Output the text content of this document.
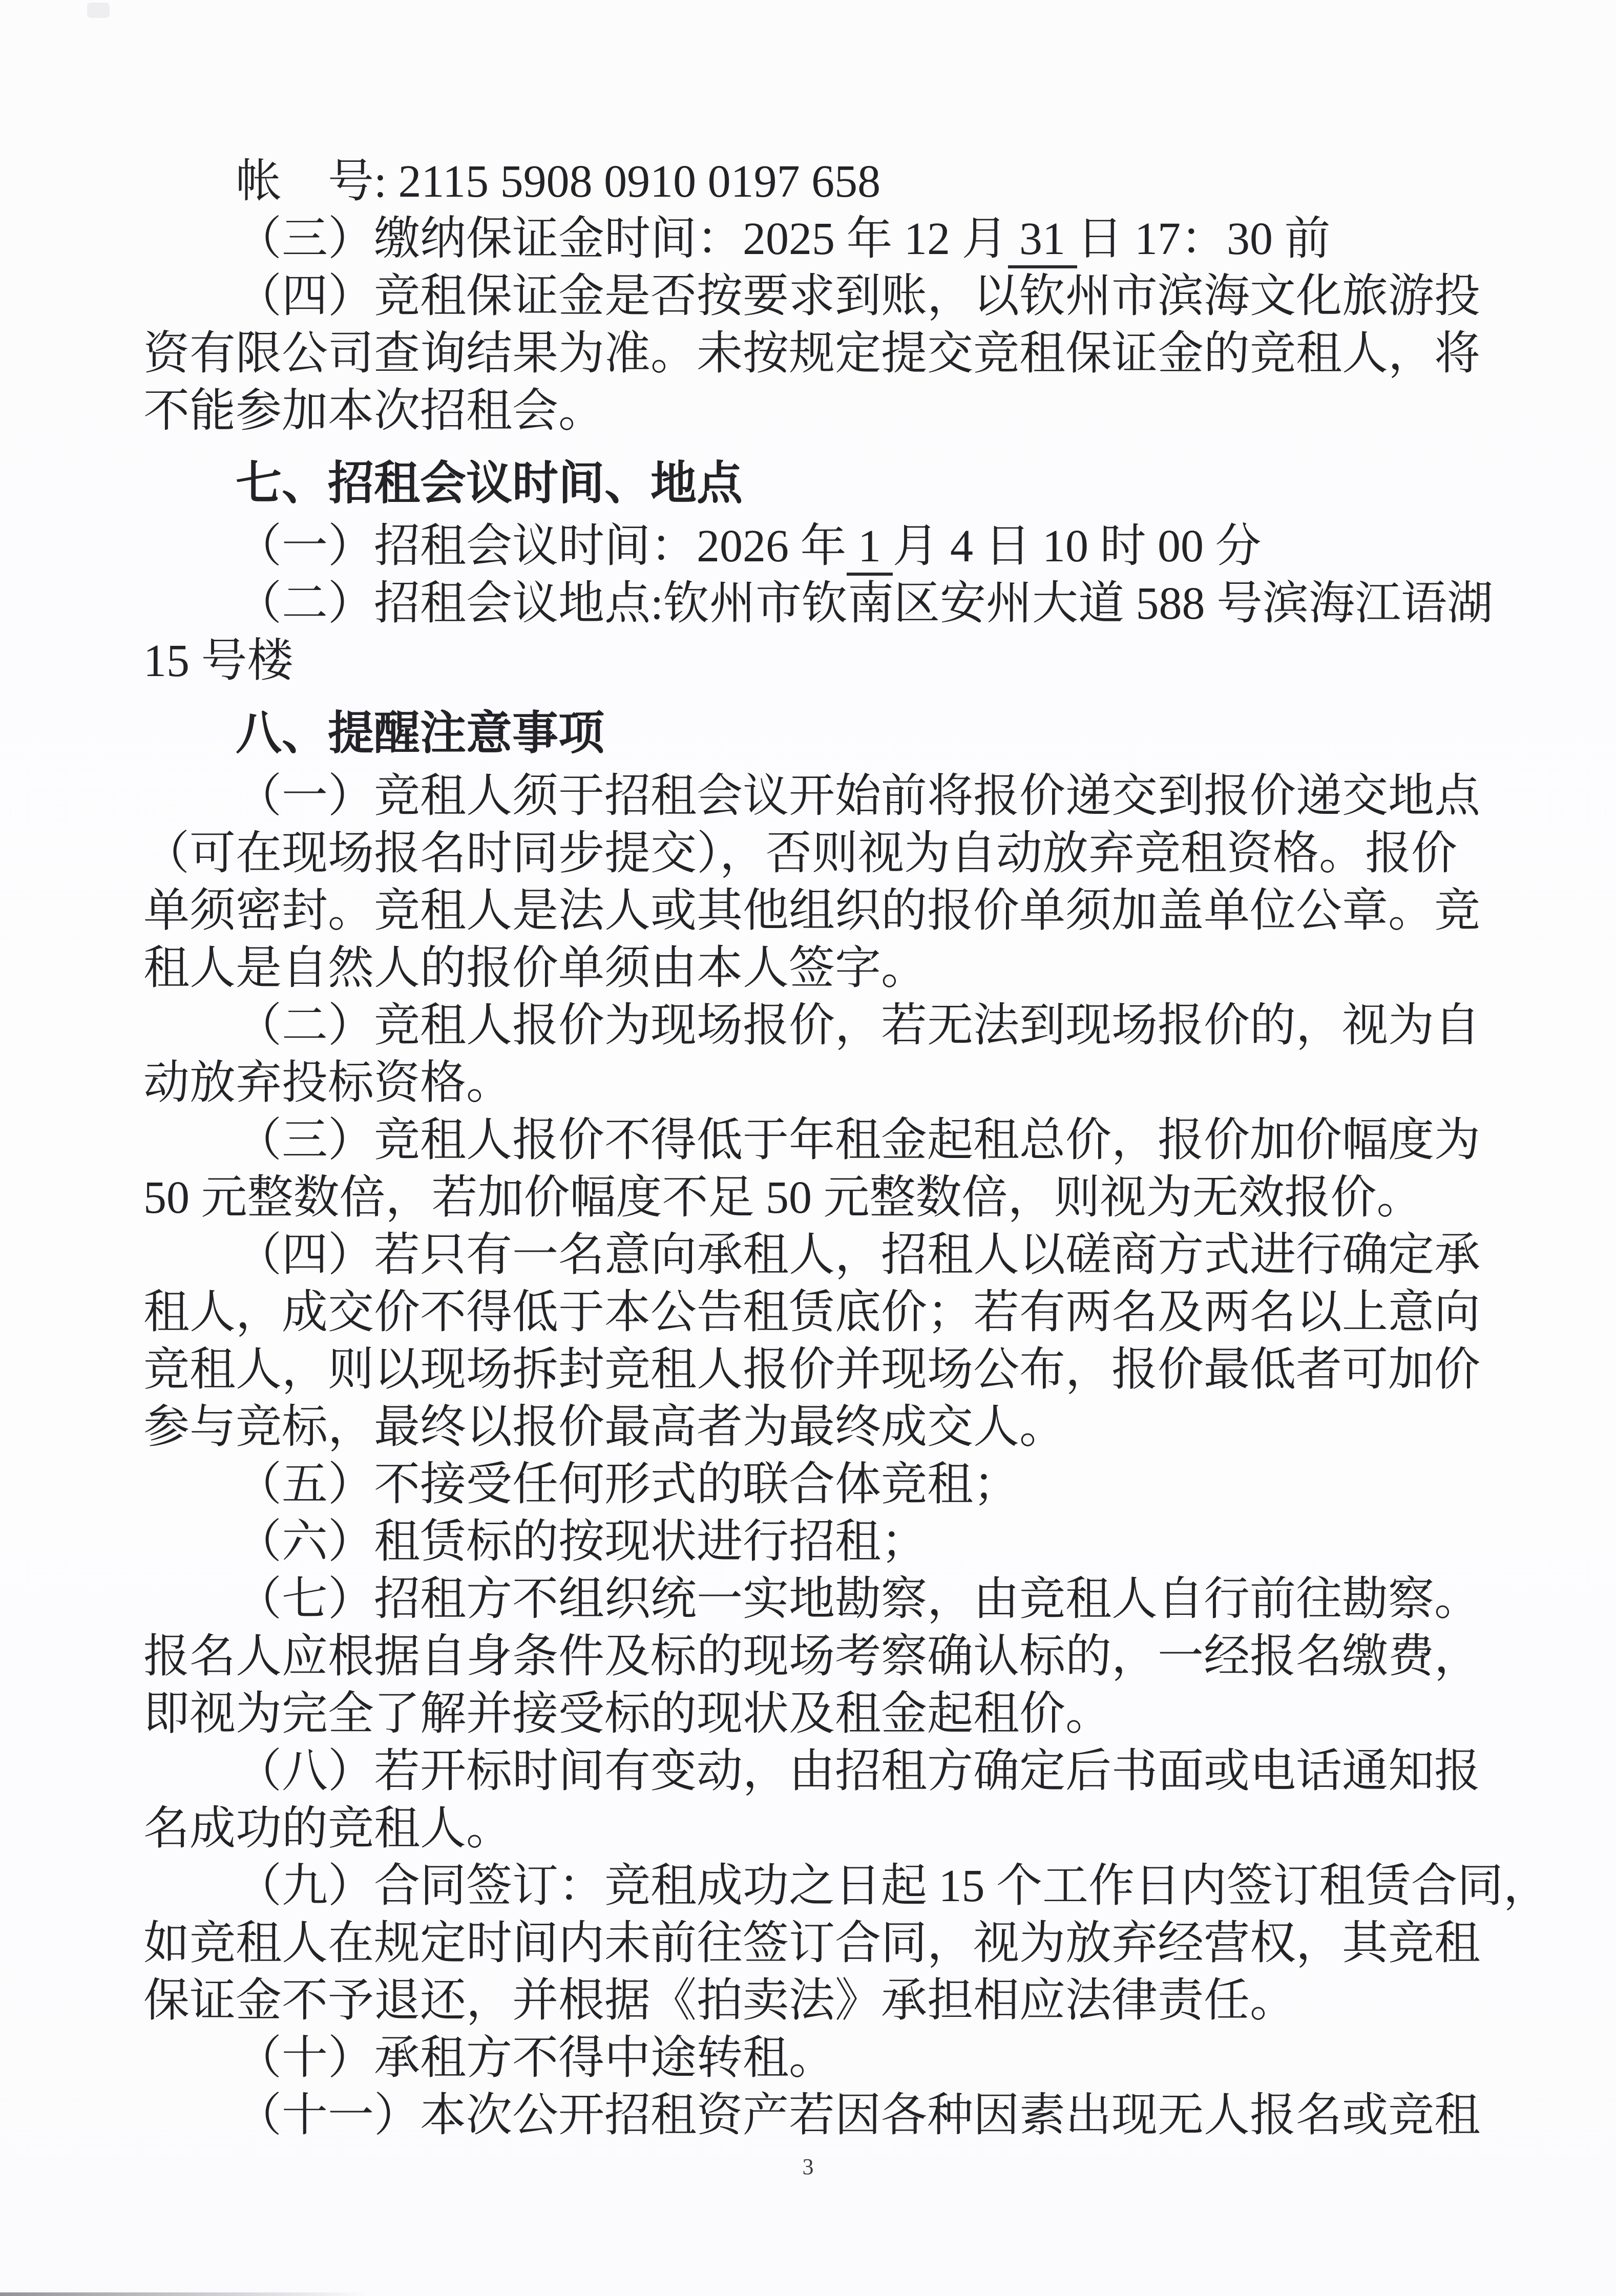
帐　号: 2115 5908 0910 0197 658
（三）缴纳保证金时间：2025 年 12 月 31 日 17：30 前
（四）竞租保证金是否按要求到账，以钦州市滨海文化旅游投
资有限公司查询结果为准。未按规定提交竞租保证金的竞租人，将
不能参加本次招租会。
七、招租会议时间、地点
（一）招租会议时间：2026 年 1 月 4 日 10 时 00 分
（二）招租会议地点:钦州市钦南区安州大道 588 号滨海江语湖
15 号楼
八、提醒注意事项
（一）竞租人须于招租会议开始前将报价递交到报价递交地点
（可在现场报名时同步提交），否则视为自动放弃竞租资格。报价
单须密封。竞租人是法人或其他组织的报价单须加盖单位公章。竞
租人是自然人的报价单须由本人签字。
（二）竞租人报价为现场报价，若无法到现场报价的，视为自
动放弃投标资格。
（三）竞租人报价不得低于年租金起租总价，报价加价幅度为
50 元整数倍，若加价幅度不足 50 元整数倍，则视为无效报价。
（四）若只有一名意向承租人，招租人以磋商方式进行确定承
租人，成交价不得低于本公告租赁底价；若有两名及两名以上意向
竞租人，则以现场拆封竞租人报价并现场公布，报价最低者可加价
参与竞标，最终以报价最高者为最终成交人。
（五）不接受任何形式的联合体竞租；
（六）租赁标的按现状进行招租；
（七）招租方不组织统一实地勘察，由竞租人自行前往勘察。
报名人应根据自身条件及标的现场考察确认标的，一经报名缴费，
即视为完全了解并接受标的现状及租金起租价。
（八）若开标时间有变动，由招租方确定后书面或电话通知报
名成功的竞租人。
（九）合同签订：竞租成功之日起 15 个工作日内签订租赁合同，
如竞租人在规定时间内未前往签订合同，视为放弃经营权，其竞租
保证金不予退还，并根据《拍卖法》承担相应法律责任。
（十）承租方不得中途转租。
（十一）本次公开招租资产若因各种因素出现无人报名或竞租
3
